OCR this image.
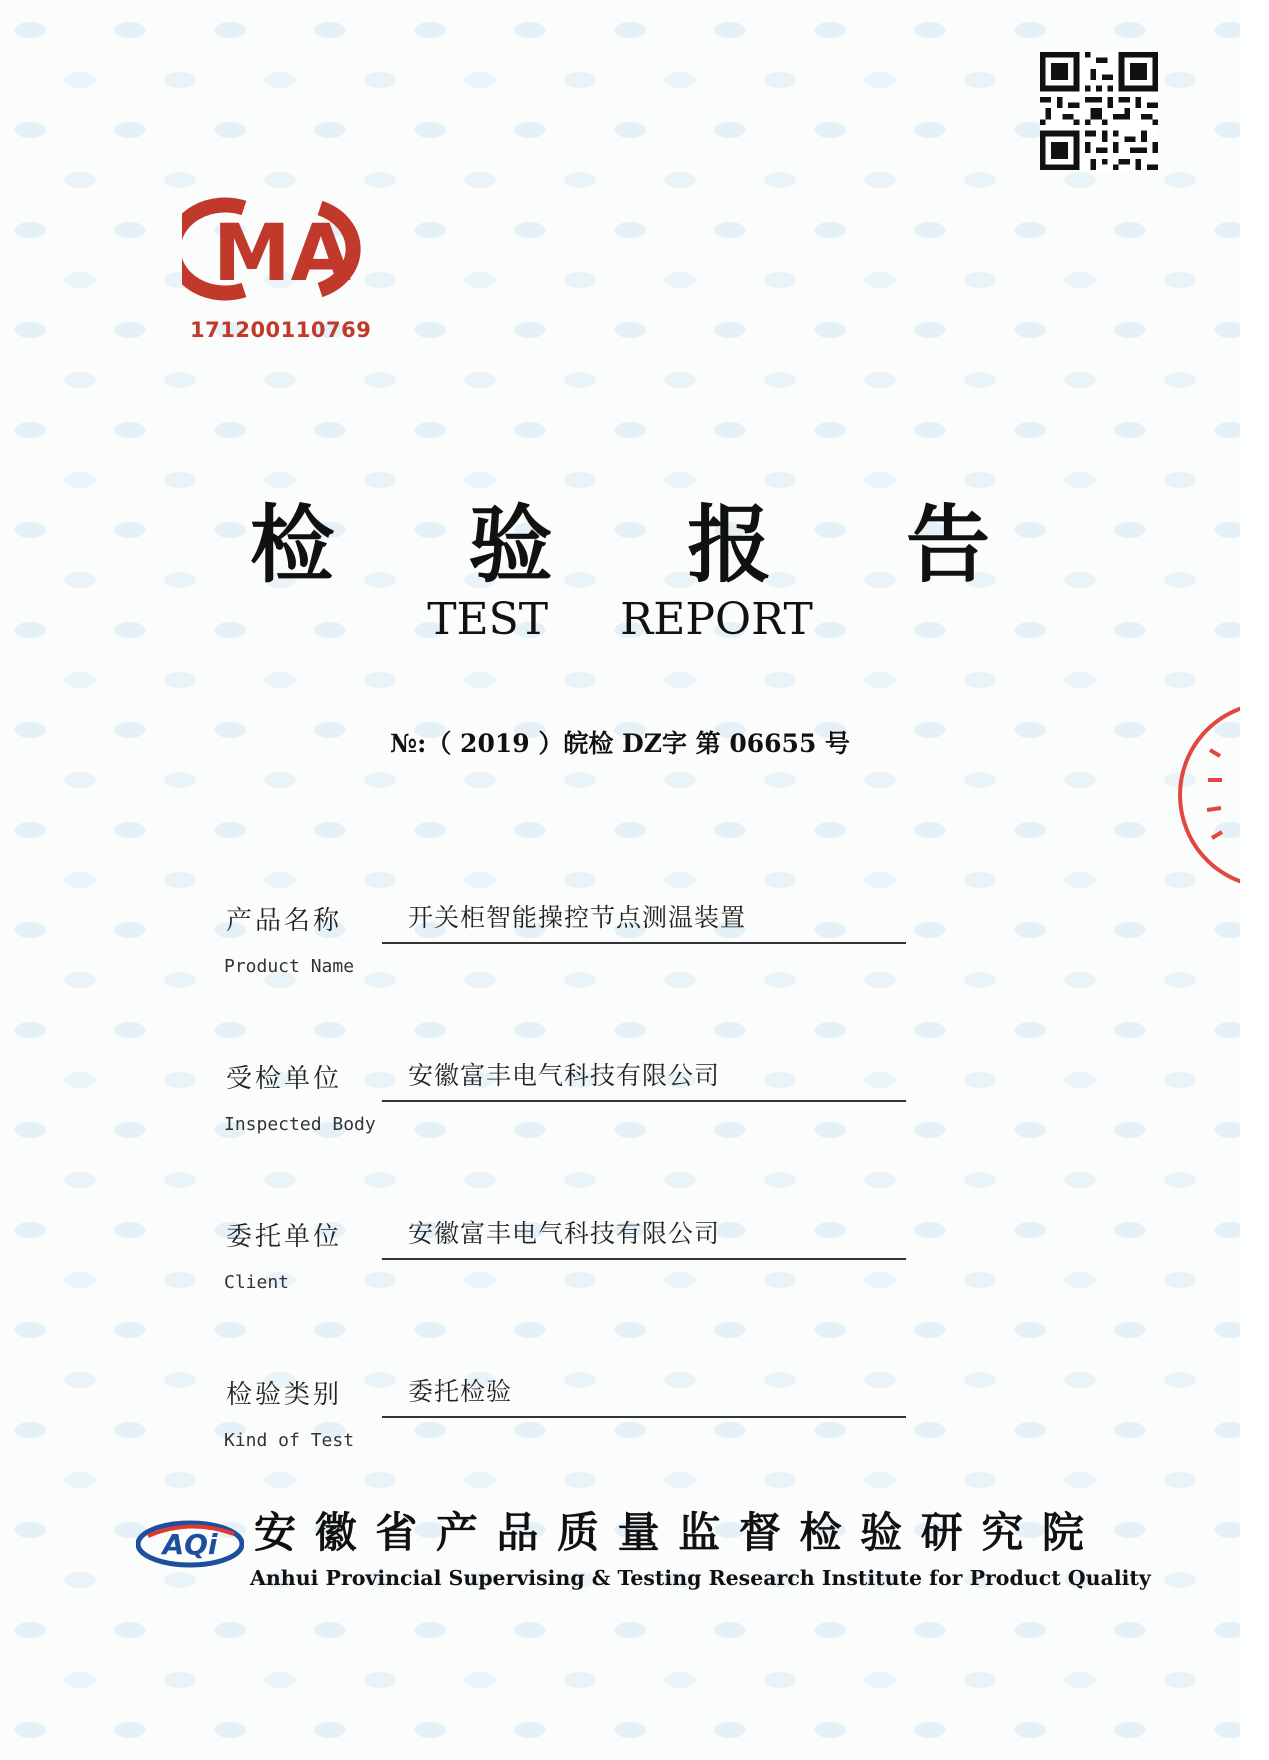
MA
171200110769
检 验 报 告
TEST REPORT
№:（ 2019 ）皖检 DZ字 第 06655 号
产品名称
Product Name
开关柜智能操控节点测温装置
受检单位
Inspected Body
安徽富丰电气科技有限公司
委托单位
Client
安徽富丰电气科技有限公司
检验类别
Kind of Test
委托检验
AQi 安 徽 省 产 品 质 量 监 督 检 验 研 究 院
Anhui Provincial Supervising & Testing Research Institute for Product Quality
